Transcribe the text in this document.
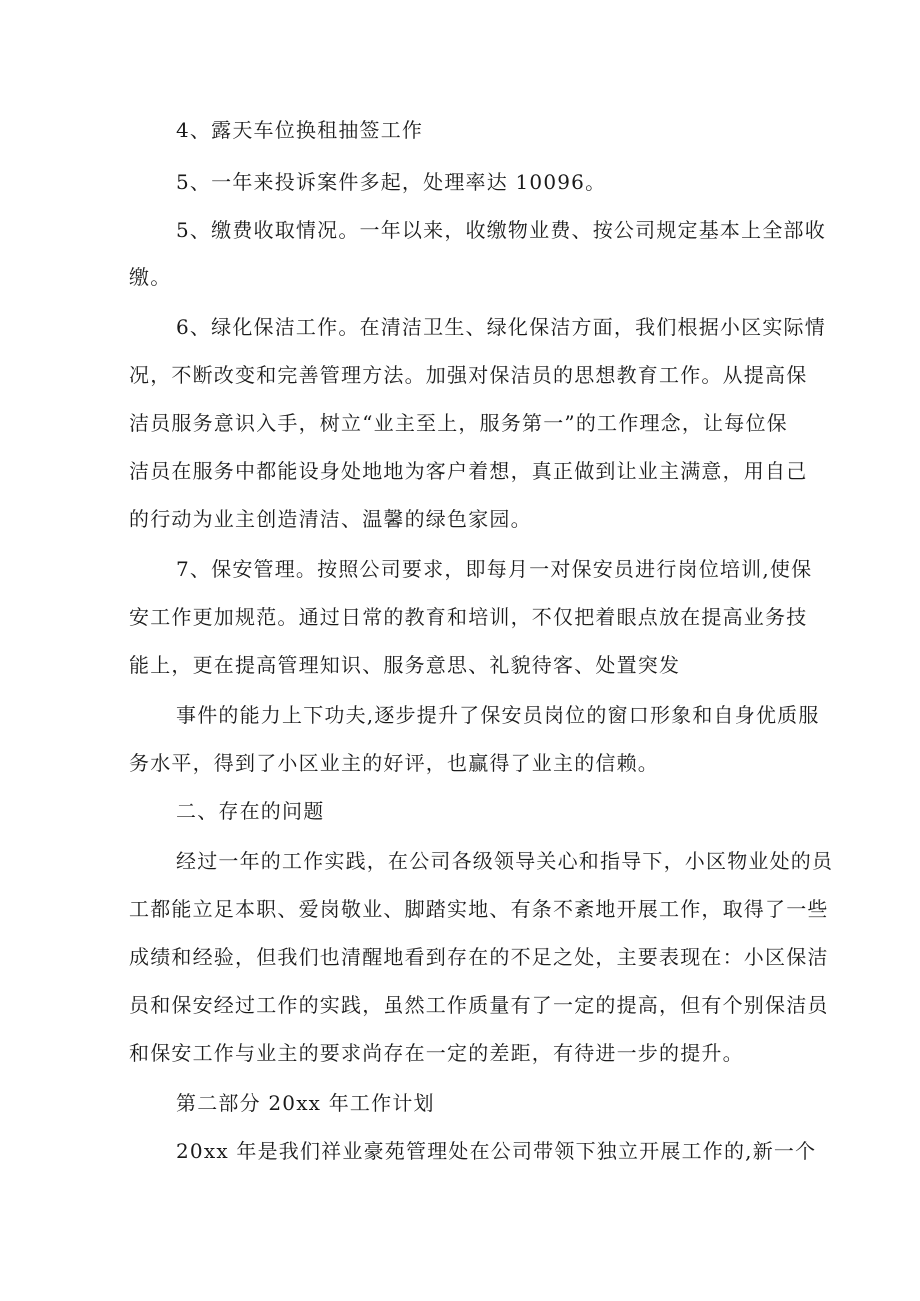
4、露天车位换租抽签工作
5、一年来投诉案件多起，处理率达 10096。
5、缴费收取情况。一年以来，收缴物业费、按公司规定基本上全部收
缴。
6、绿化保洁工作。在清洁卫生、绿化保洁方面，我们根据小区实际情
况，不断改变和完善管理方法。加强对保洁员的思想教育工作。从提高保
洁员服务意识入手，树立“业主至上，服务第一”的工作理念，让每位保
洁员在服务中都能设身处地地为客户着想，真正做到让业主满意，用自己
的行动为业主创造清洁、温馨的绿色家园。
7、保安管理。按照公司要求，即每月一对保安员进行岗位培训,使保
安工作更加规范。通过日常的教育和培训，不仅把着眼点放在提高业务技
能上，更在提高管理知识、服务意思、礼貌待客、处置突发
事件的能力上下功夫,逐步提升了保安员岗位的窗口形象和自身优质服
务水平，得到了小区业主的好评，也赢得了业主的信赖。
二、存在的问题
经过一年的工作实践，在公司各级领导关心和指导下，小区物业处的员
工都能立足本职、爱岗敬业、脚踏实地、有条不紊地开展工作，取得了一些
成绩和经验，但我们也清醒地看到存在的不足之处，主要表现在：小区保洁
员和保安经过工作的实践，虽然工作质量有了一定的提高，但有个别保洁员
和保安工作与业主的要求尚存在一定的差距，有待进一步的提升。
第二部分 20xx 年工作计划
20xx 年是我们祥业豪苑管理处在公司带领下独立开展工作的,新一个
